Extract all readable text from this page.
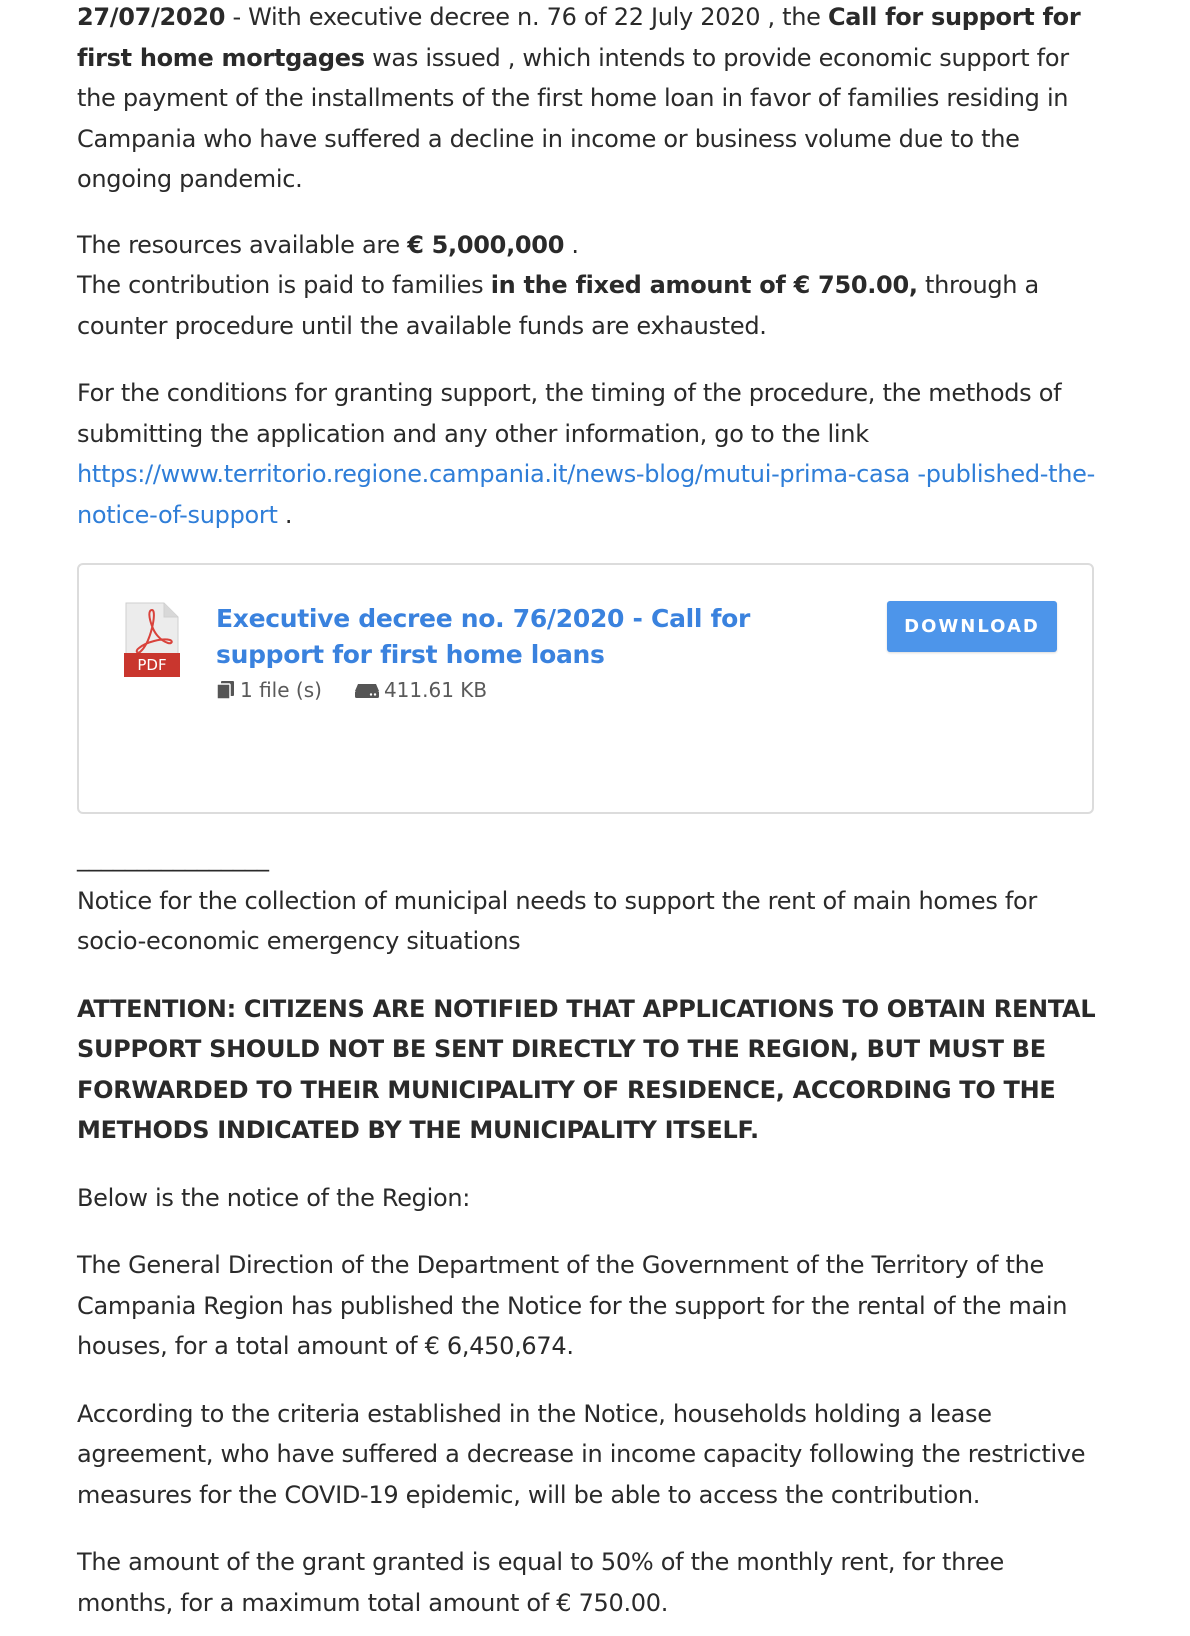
27/07/2020 - With executive decree n. 76 of 22 July 2020 , the Call for support for first home mortgages was issued , which intends to provide economic support for the payment of the installments of the first home loan in favor of families residing in Campania who have suffered a decline in income or business volume due to the ongoing pandemic.

The resources available are € 5,000,000 .
The contribution is paid to families in the fixed amount of € 750.00, through a counter procedure until the available funds are exhausted.

For the conditions for granting support, the timing of the procedure, the methods of submitting the application and any other information, go to the link https://www.territorio.regione.campania.it/news-blog/mutui-prima-casa -published-the-notice-of-support .

PDF
Executive decree no. 76/2020 - Call for support for first home loans
1 file (s)	411.61 KB
DOWNLOAD

________________

Notice for the collection of municipal needs to support the rent of main homes for socio-economic emergency situations

ATTENTION: CITIZENS ARE NOTIFIED THAT APPLICATIONS TO OBTAIN RENTAL SUPPORT SHOULD NOT BE SENT DIRECTLY TO THE REGION, BUT MUST BE FORWARDED TO THEIR MUNICIPALITY OF RESIDENCE, ACCORDING TO THE METHODS INDICATED BY THE MUNICIPALITY ITSELF.

Below is the notice of the Region:

The General Direction of the Department of the Government of the Territory of the Campania Region has published the Notice for the support for the rental of the main houses, for a total amount of € 6,450,674.

According to the criteria established in the Notice, households holding a lease agreement, who have suffered a decrease in income capacity following the restrictive measures for the COVID-19 epidemic, will be able to access the contribution.

The amount of the grant granted is equal to 50% of the monthly rent, for three months, for a maximum total amount of € 750.00.
